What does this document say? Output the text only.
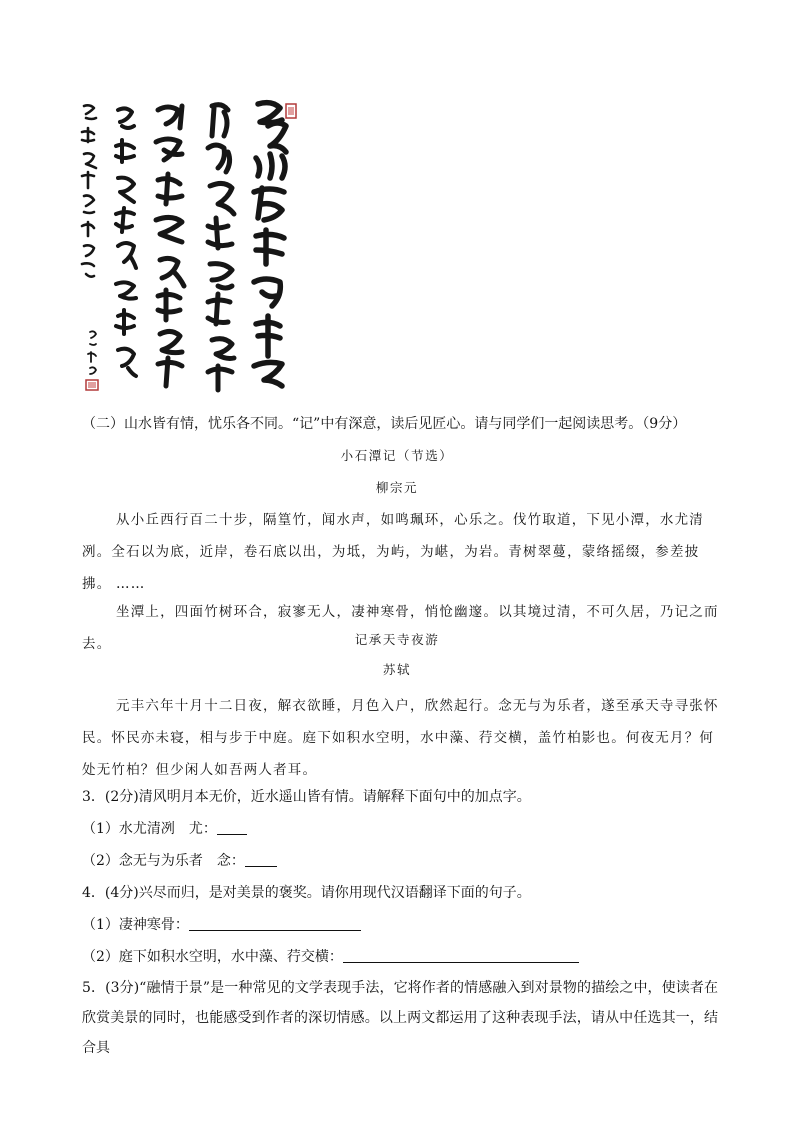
（二）山水皆有情，忧乐各不同。“记”中有深意，读后见匠心。请与同学们一起阅读思考。（9分）
小石潭记（节选）
柳宗元
从小丘西行百二十步，隔篁竹，闻水声，如鸣珮环，心乐之。伐竹取道，下见小潭，水尤清冽。全石以为底，近岸，卷石底以出，为坻，为屿，为嵁，为岩。青树翠蔓，蒙络摇缀，参差披拂。 ……
坐潭上，四面竹树环合，寂寥无人，凄神寒骨，悄怆幽邃。以其境过清，不可久居，乃记之而去。	记承天寺夜游
苏轼
元丰六年十月十二日夜，解衣欲睡，月色入户，欣然起行。念无与为乐者，遂至承天寺寻张怀民。怀民亦未寝，相与步于中庭。庭下如积水空明，水中藻、荇交横，盖竹柏影也。何夜无月？何处无竹柏？但少闲人如吾两人者耳。
3．(2分)清风明月本无价，近水遥山皆有情。请解释下面句中的加点字。
（1）水尤清冽　尤：
（2）念无与为乐者　念：
4．(4分)兴尽而归，是对美景的褒奖。请你用现代汉语翻译下面的句子。
（1）凄神寒骨：
（2）庭下如积水空明，水中藻、荇交横：
5．(3分)“融情于景”是一种常见的文学表现手法，它将作者的情感融入到对景物的描绘之中，使读者在欣赏美景的同时，也能感受到作者的深切情感。以上两文都运用了这种表现手法，请从中任选其一，结合具
